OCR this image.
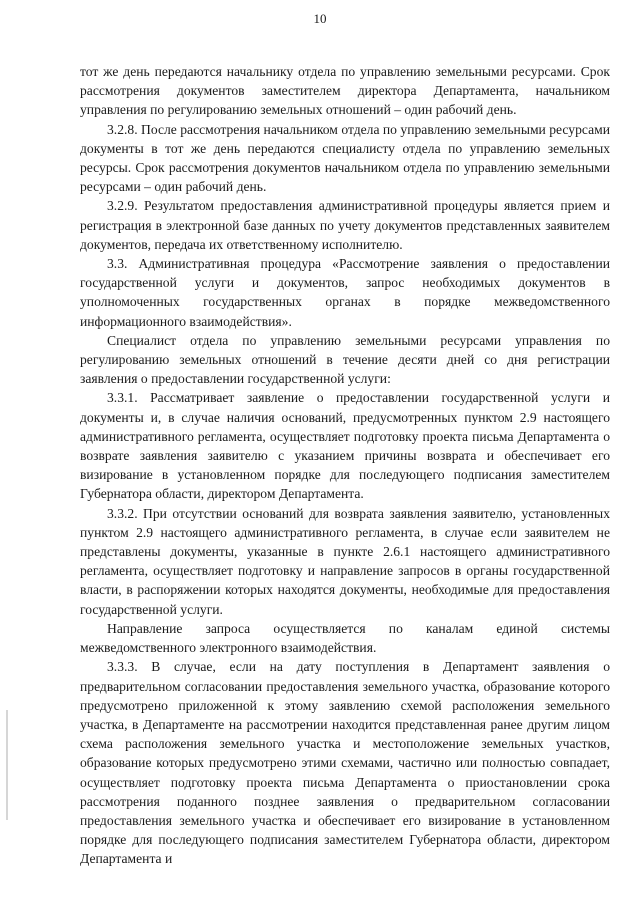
10

тот же день передаются начальнику отдела по управлению земельными ресурсами. Срок рассмотрения документов заместителем директора Департамента, начальником управления по регулированию земельных отношений – один рабочий день.

3.2.8. После рассмотрения начальником отдела по управлению земельными ресурсами документы в тот же день передаются специалисту отдела по управлению земельных ресурсы. Срок рассмотрения документов начальником отдела по управлению земельными ресурсами – один рабочий день.

3.2.9. Результатом предоставления административной процедуры является прием и регистрация в электронной базе данных по учету документов представленных заявителем документов, передача их ответственному исполнителю.

3.3. Административная процедура «Рассмотрение заявления о предоставлении государственной услуги и документов, запрос необходимых документов в уполномоченных государственных органах в порядке межведомственного информационного взаимодействия».

Специалист отдела по управлению земельными ресурсами управления по регулированию земельных отношений в течение десяти дней со дня регистрации заявления о предоставлении государственной услуги:

3.3.1. Рассматривает заявление о предоставлении государственной услуги и документы и, в случае наличия оснований, предусмотренных пунктом 2.9 настоящего административного регламента, осуществляет подготовку проекта письма Департамента о возврате заявления заявителю с указанием причины возврата и обеспечивает его визирование в установленном порядке для последующего подписания заместителем Губернатора области, директором Департамента.

3.3.2. При отсутствии оснований для возврата заявления заявителю, установленных пунктом 2.9 настоящего административного регламента, в случае если заявителем не представлены документы, указанные в пункте 2.6.1 настоящего административного регламента, осуществляет подготовку и направление запросов в органы государственной власти, в распоряжении которых находятся документы, необходимые для предоставления государственной услуги.

Направление запроса осуществляется по каналам единой системы межведомственного электронного взаимодействия.

3.3.3. В случае, если на дату поступления в Департамент заявления о предварительном согласовании предоставления земельного участка, образование которого предусмотрено приложенной к этому заявлению схемой расположения земельного участка, в Департаменте на рассмотрении находится представленная ранее другим лицом схема расположения земельного участка и местоположение земельных участков, образование которых предусмотрено этими схемами, частично или полностью совпадает, осуществляет подготовку проекта письма Департамента о приостановлении срока рассмотрения поданного позднее заявления о предварительном согласовании предоставления земельного участка и обеспечивает его визирование в установленном порядке для последующего подписания заместителем Губернатора области, директором Департамента и
